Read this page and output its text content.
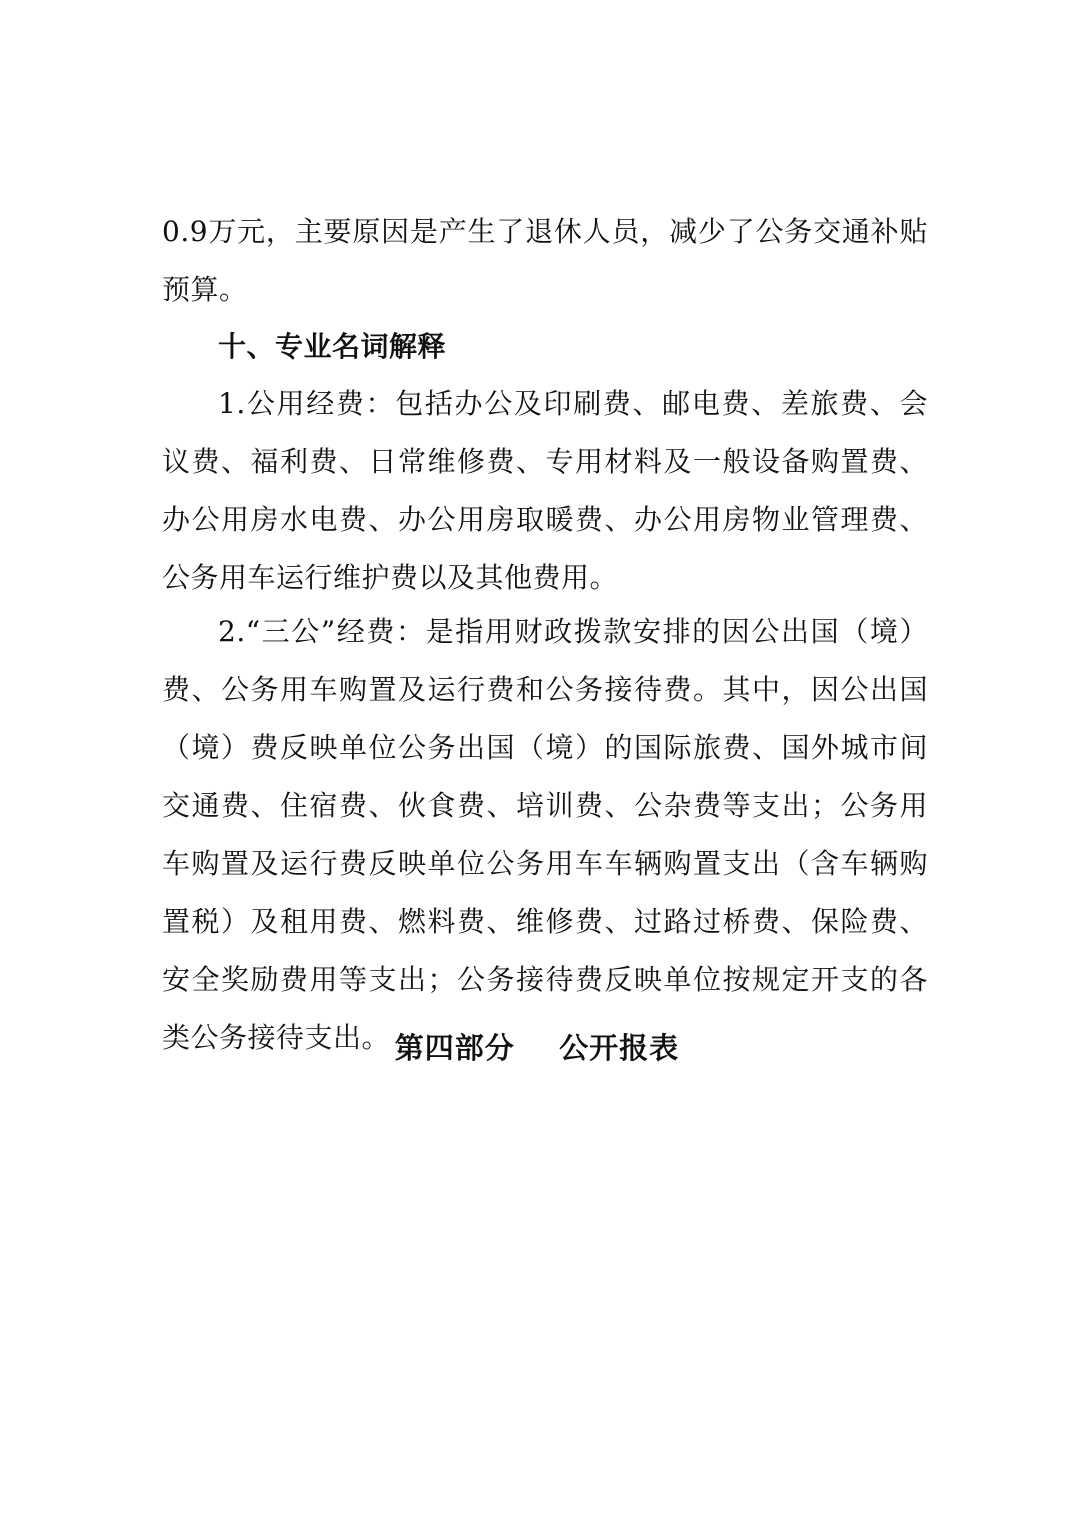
0.9万元，主要原因是产生了退休人员，减少了公务交通补贴预算。

十、专业名词解释

1.公用经费：包括办公及印刷费、邮电费、差旅费、会议费、福利费、日常维修费、专用材料及一般设备购置费、办公用房水电费、办公用房取暖费、办公用房物业管理费、公务用车运行维护费以及其他费用。

2.“三公”经费：是指用财政拨款安排的因公出国（境）费、公务用车购置及运行费和公务接待费。其中，因公出国（境）费反映单位公务出国（境）的国际旅费、国外城市间交通费、住宿费、伙食费、培训费、公杂费等支出；公务用车购置及运行费反映单位公务用车车辆购置支出（含车辆购置税）及租用费、燃料费、维修费、过路过桥费、保险费、安全奖励费用等支出；公务接待费反映单位按规定开支的各类公务接待支出。 第四部分    公开报表
